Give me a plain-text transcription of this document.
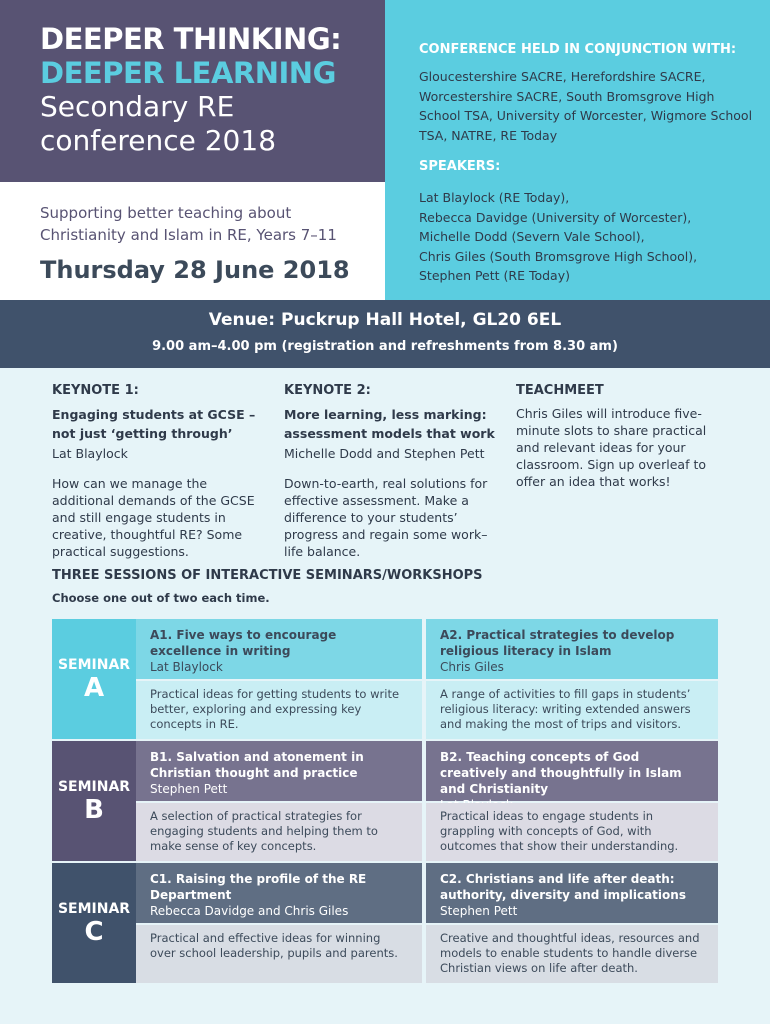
DEEPER THINKING:
DEEPER LEARNING
Secondary RE
conference 2018
Supporting better teaching about Christianity and Islam in RE, Years 7–11
Thursday 28 June 2018
CONFERENCE HELD IN CONJUNCTION WITH:
Gloucestershire SACRE, Herefordshire SACRE, Worcestershire SACRE, South Bromsgrove High School TSA, University of Worcester, Wigmore School TSA, NATRE, RE Today
SPEAKERS:
Lat Blaylock (RE Today),
Rebecca Davidge (University of Worcester),
Michelle Dodd (Severn Vale School),
Chris Giles (South Bromsgrove High School),
Stephen Pett (RE Today)
Venue: Puckrup Hall Hotel, GL20 6EL
9.00 am–4.00 pm (registration and refreshments from 8.30 am)
KEYNOTE 1:
Engaging students at GCSE – not just ‘getting through’
Lat Blaylock
How can we manage the additional demands of the GCSE and still engage students in creative, thoughtful RE? Some practical suggestions.
KEYNOTE 2:
More learning, less marking: assessment models that work
Michelle Dodd and Stephen Pett
Down-to-earth, real solutions for effective assessment. Make a difference to your students’ progress and regain some work–life balance.
TEACHMEET
Chris Giles will introduce five-minute slots to share practical and relevant ideas for your classroom. Sign up overleaf to offer an idea that works!
THREE SESSIONS OF INTERACTIVE SEMINARS/WORKSHOPS
Choose one out of two each time.
SEMINAR
A
A1. Five ways to encourage excellence in writing
Lat Blaylock
Practical ideas for getting students to write better, exploring and expressing key concepts in RE.
A2. Practical strategies to develop religious literacy in Islam
Chris Giles
A range of activities to fill gaps in students’ religious literacy: writing extended answers and making the most of trips and visitors.
SEMINAR
B
B1. Salvation and atonement in Christian thought and practice
Stephen Pett
A selection of practical strategies for engaging students and helping them to make sense of key concepts.
B2. Teaching concepts of God creatively and thoughtfully in Islam and Christianity
Practical ideas to engage students in grappling with concepts of God, with outcomes that show their understanding.
SEMINAR
C
C1. Raising the profile of the RE Department
Rebecca Davidge and Chris Giles
Practical and effective ideas for winning over school leadership, pupils and parents.
C2. Christians and life after death: authority, diversity and implications
Stephen Pett
Creative and thoughtful ideas, resources and models to enable students to handle diverse Christian views on life after death.
